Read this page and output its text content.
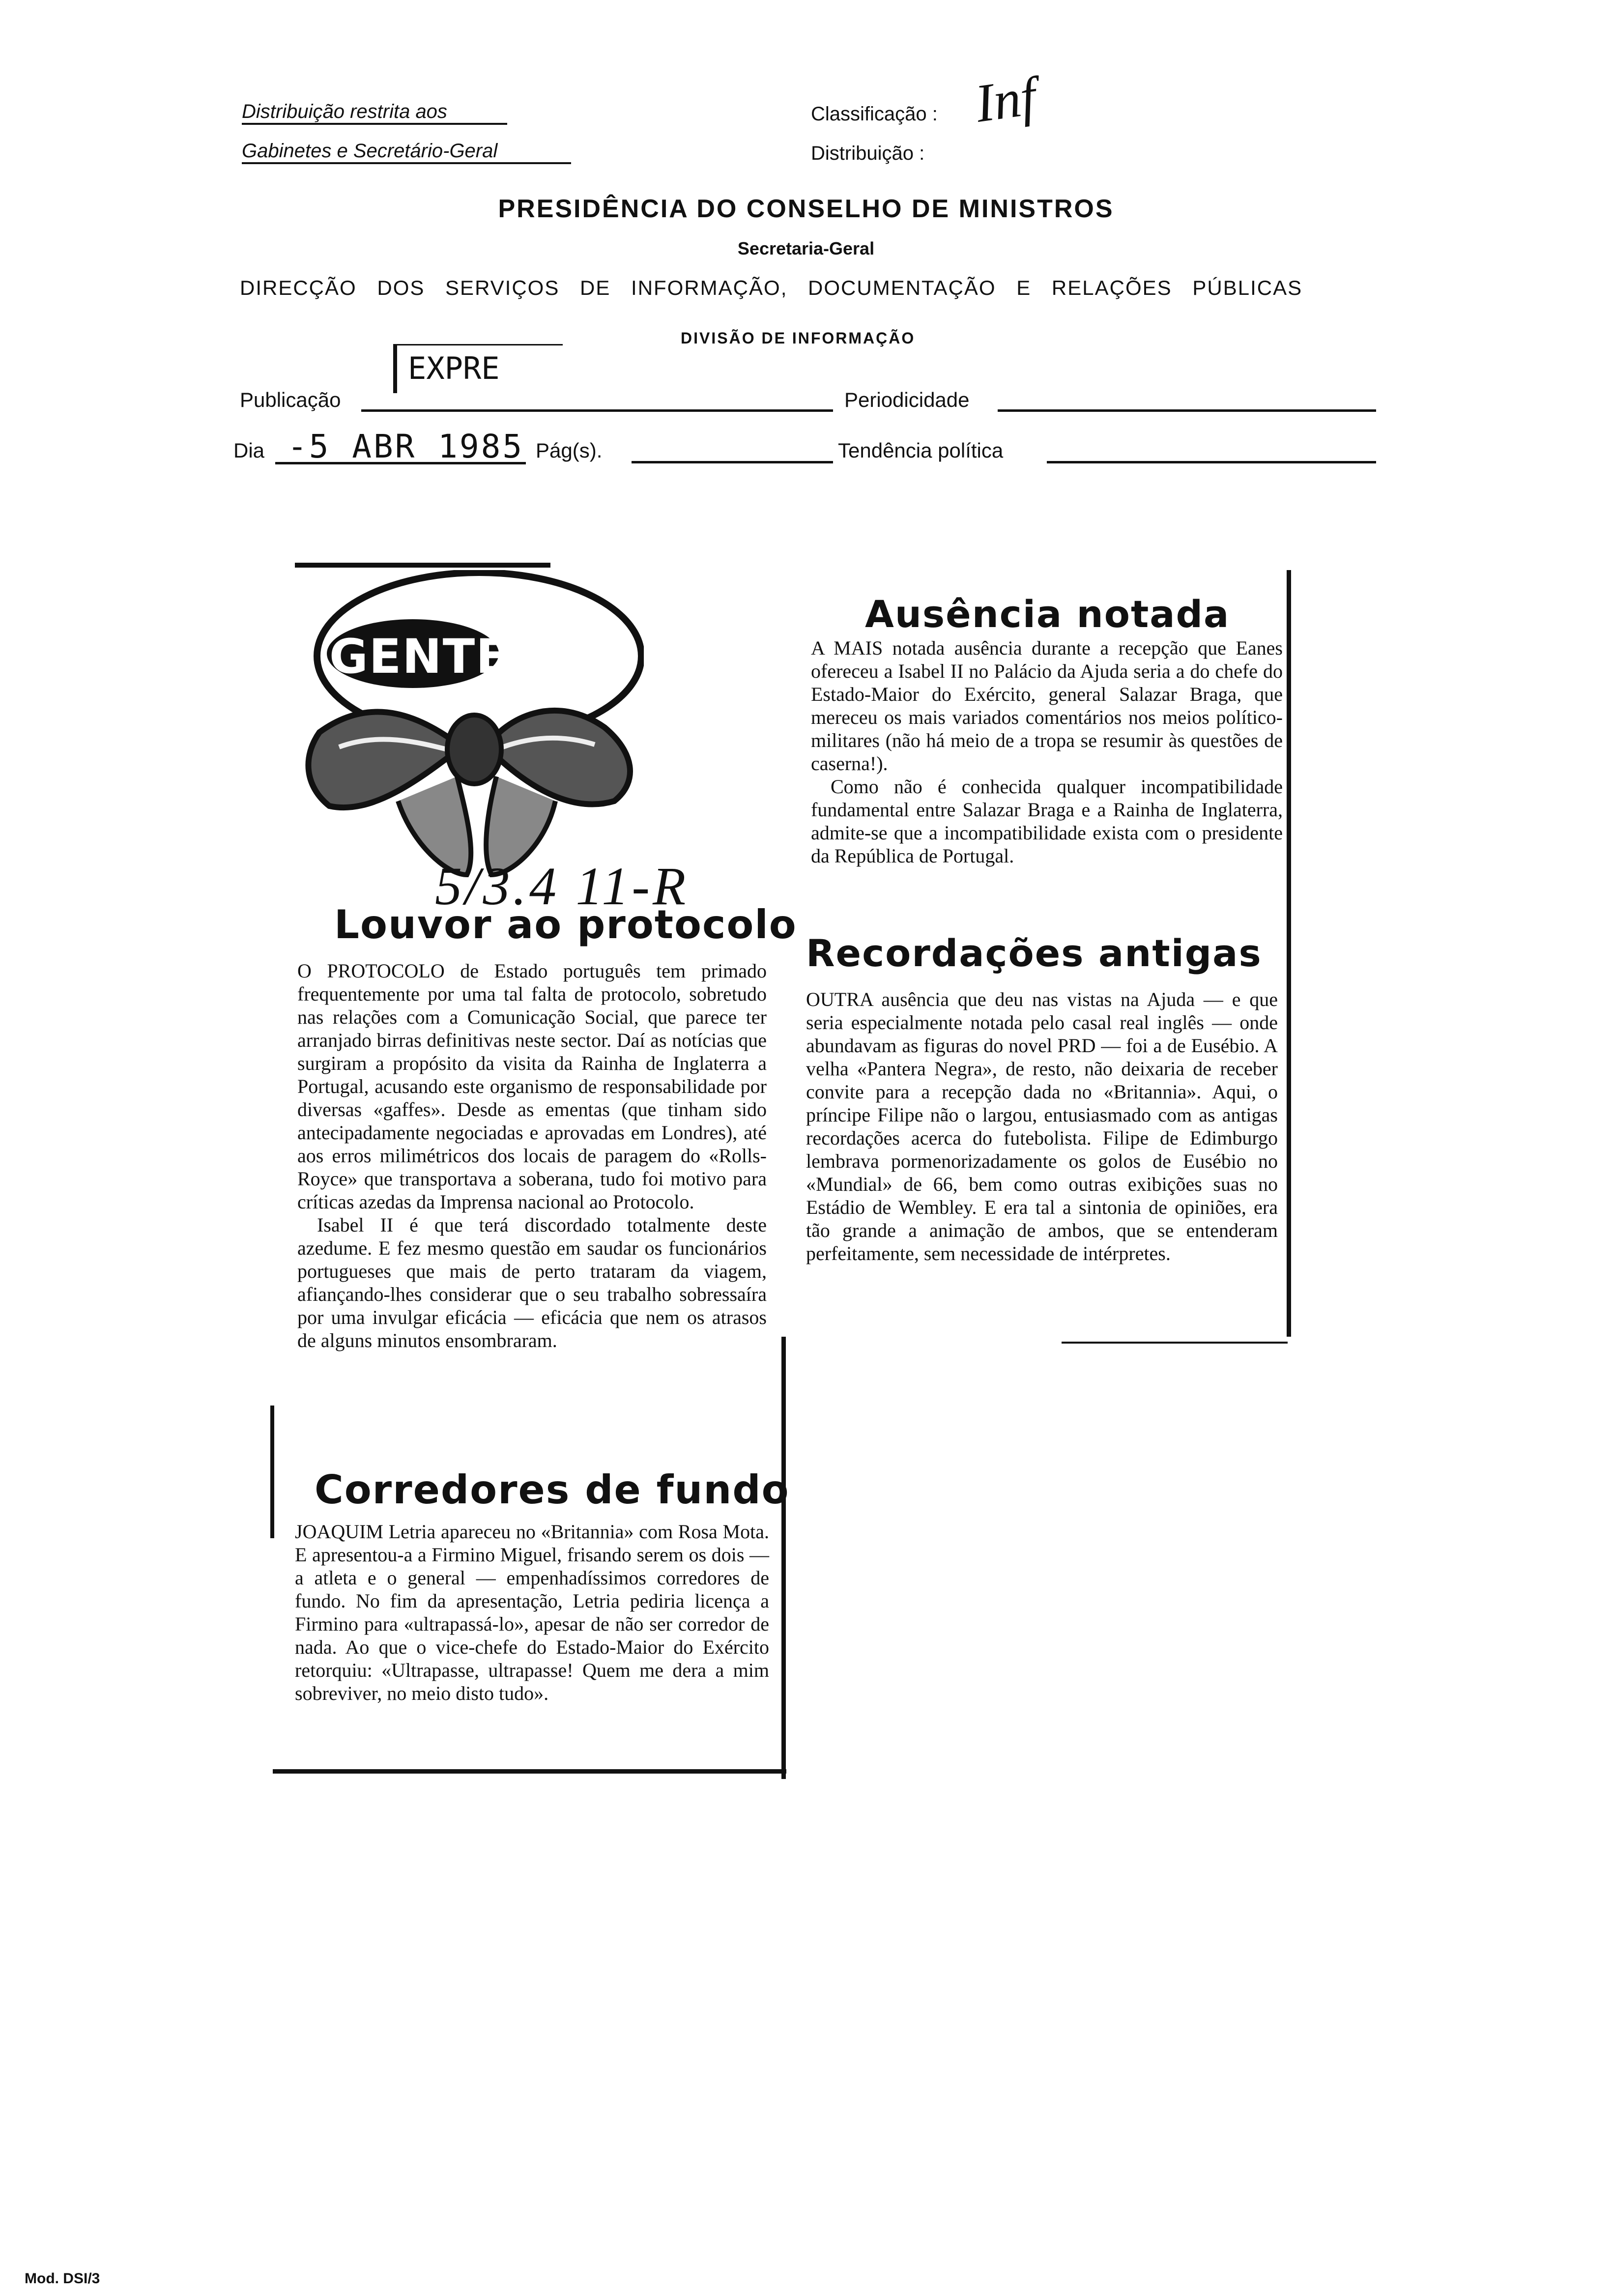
Distribuição restrita aos
Gabinetes e Secretário-Geral
Classificação : Inf
Distribuição :
PRESIDÊNCIA DO CONSELHO DE MINISTROS
Secretaria-Geral
DIRECÇÃO DOS SERVIÇOS DE INFORMAÇÃO, DOCUMENTAÇÃO E RELAÇÕES PÚBLICAS
DIVISÃO DE INFORMAÇÃO
Publicação
EXPRE
Periodicidade
Dia -5 ABR 1985 Pág(s).	Tendência política
GENTE
5/3.4 11-R
Louvor ao protocolo

O PROTOCOLO de Estado português tem primado frequentemente por uma tal falta de protocolo, sobretudo nas relações com a Comunicação Social, que parece ter arranjado birras definitivas neste sector. Daí as notícias que surgiram a propósito da visita da Rainha de Inglaterra a Portugal, acusando este organismo de responsabilidade por diversas «gaffes». Desde as ementas (que tinham sido antecipadamente negociadas e aprovadas em Londres), até aos erros milimétricos dos locais de paragem do «Rolls-Royce» que transportava a soberana, tudo foi motivo para críticas azedas da Imprensa nacional ao Protocolo.

Isabel II é que terá discordado totalmente deste azedume. E fez mesmo questão em saudar os funcionários portugueses que mais de perto trataram da viagem, afiançando-lhes considerar que o seu trabalho sobressaíra por uma invulgar eficácia — eficácia que nem os atrasos de alguns minutos ensombraram.

Corredores de fundo

JOAQUIM Letria apareceu no «Britannia» com Rosa Mota. E apresentou-a a Firmino Miguel, frisando serem os dois — a atleta e o general — empenhadíssimos corredores de fundo. No fim da apresentação, Letria pediria licença a Firmino para «ultrapassá-lo», apesar de não ser corredor de nada. Ao que o vice-chefe do Estado-Maior do Exército retorquiu: «Ultrapasse, ultrapasse! Quem me dera a mim sobreviver, no meio disto tudo».

Ausência notada

A MAIS notada ausência durante a recepção que Eanes ofereceu a Isabel II no Palácio da Ajuda seria a do chefe do Estado-Maior do Exército, general Salazar Braga, que mereceu os mais variados comentários nos meios político-militares (não há meio de a tropa se resumir às questões de caserna!).

Como não é conhecida qualquer incompatibilidade fundamental entre Salazar Braga e a Rainha de Inglaterra, admite-se que a incompatibilidade exista com o presidente da República de Portugal.

Recordações antigas

OUTRA ausência que deu nas vistas na Ajuda — e que seria especialmente notada pelo casal real inglês — onde abundavam as figuras do novel PRD — foi a de Eusébio. A velha «Pantera Negra», de resto, não deixaria de receber convite para a recepção dada no «Britannia». Aqui, o príncipe Filipe não o largou, entusiasmado com as antigas recordações acerca do futebolista. Filipe de Edimburgo lembrava pormenorizadamente os golos de Eusébio no «Mundial» de 66, bem como outras exibições suas no Estádio de Wembley. E era tal a sintonia de opiniões, era tão grande a animação de ambos, que se entenderam perfeitamente, sem necessidade de intérpretes.

Mod. DSI/3
